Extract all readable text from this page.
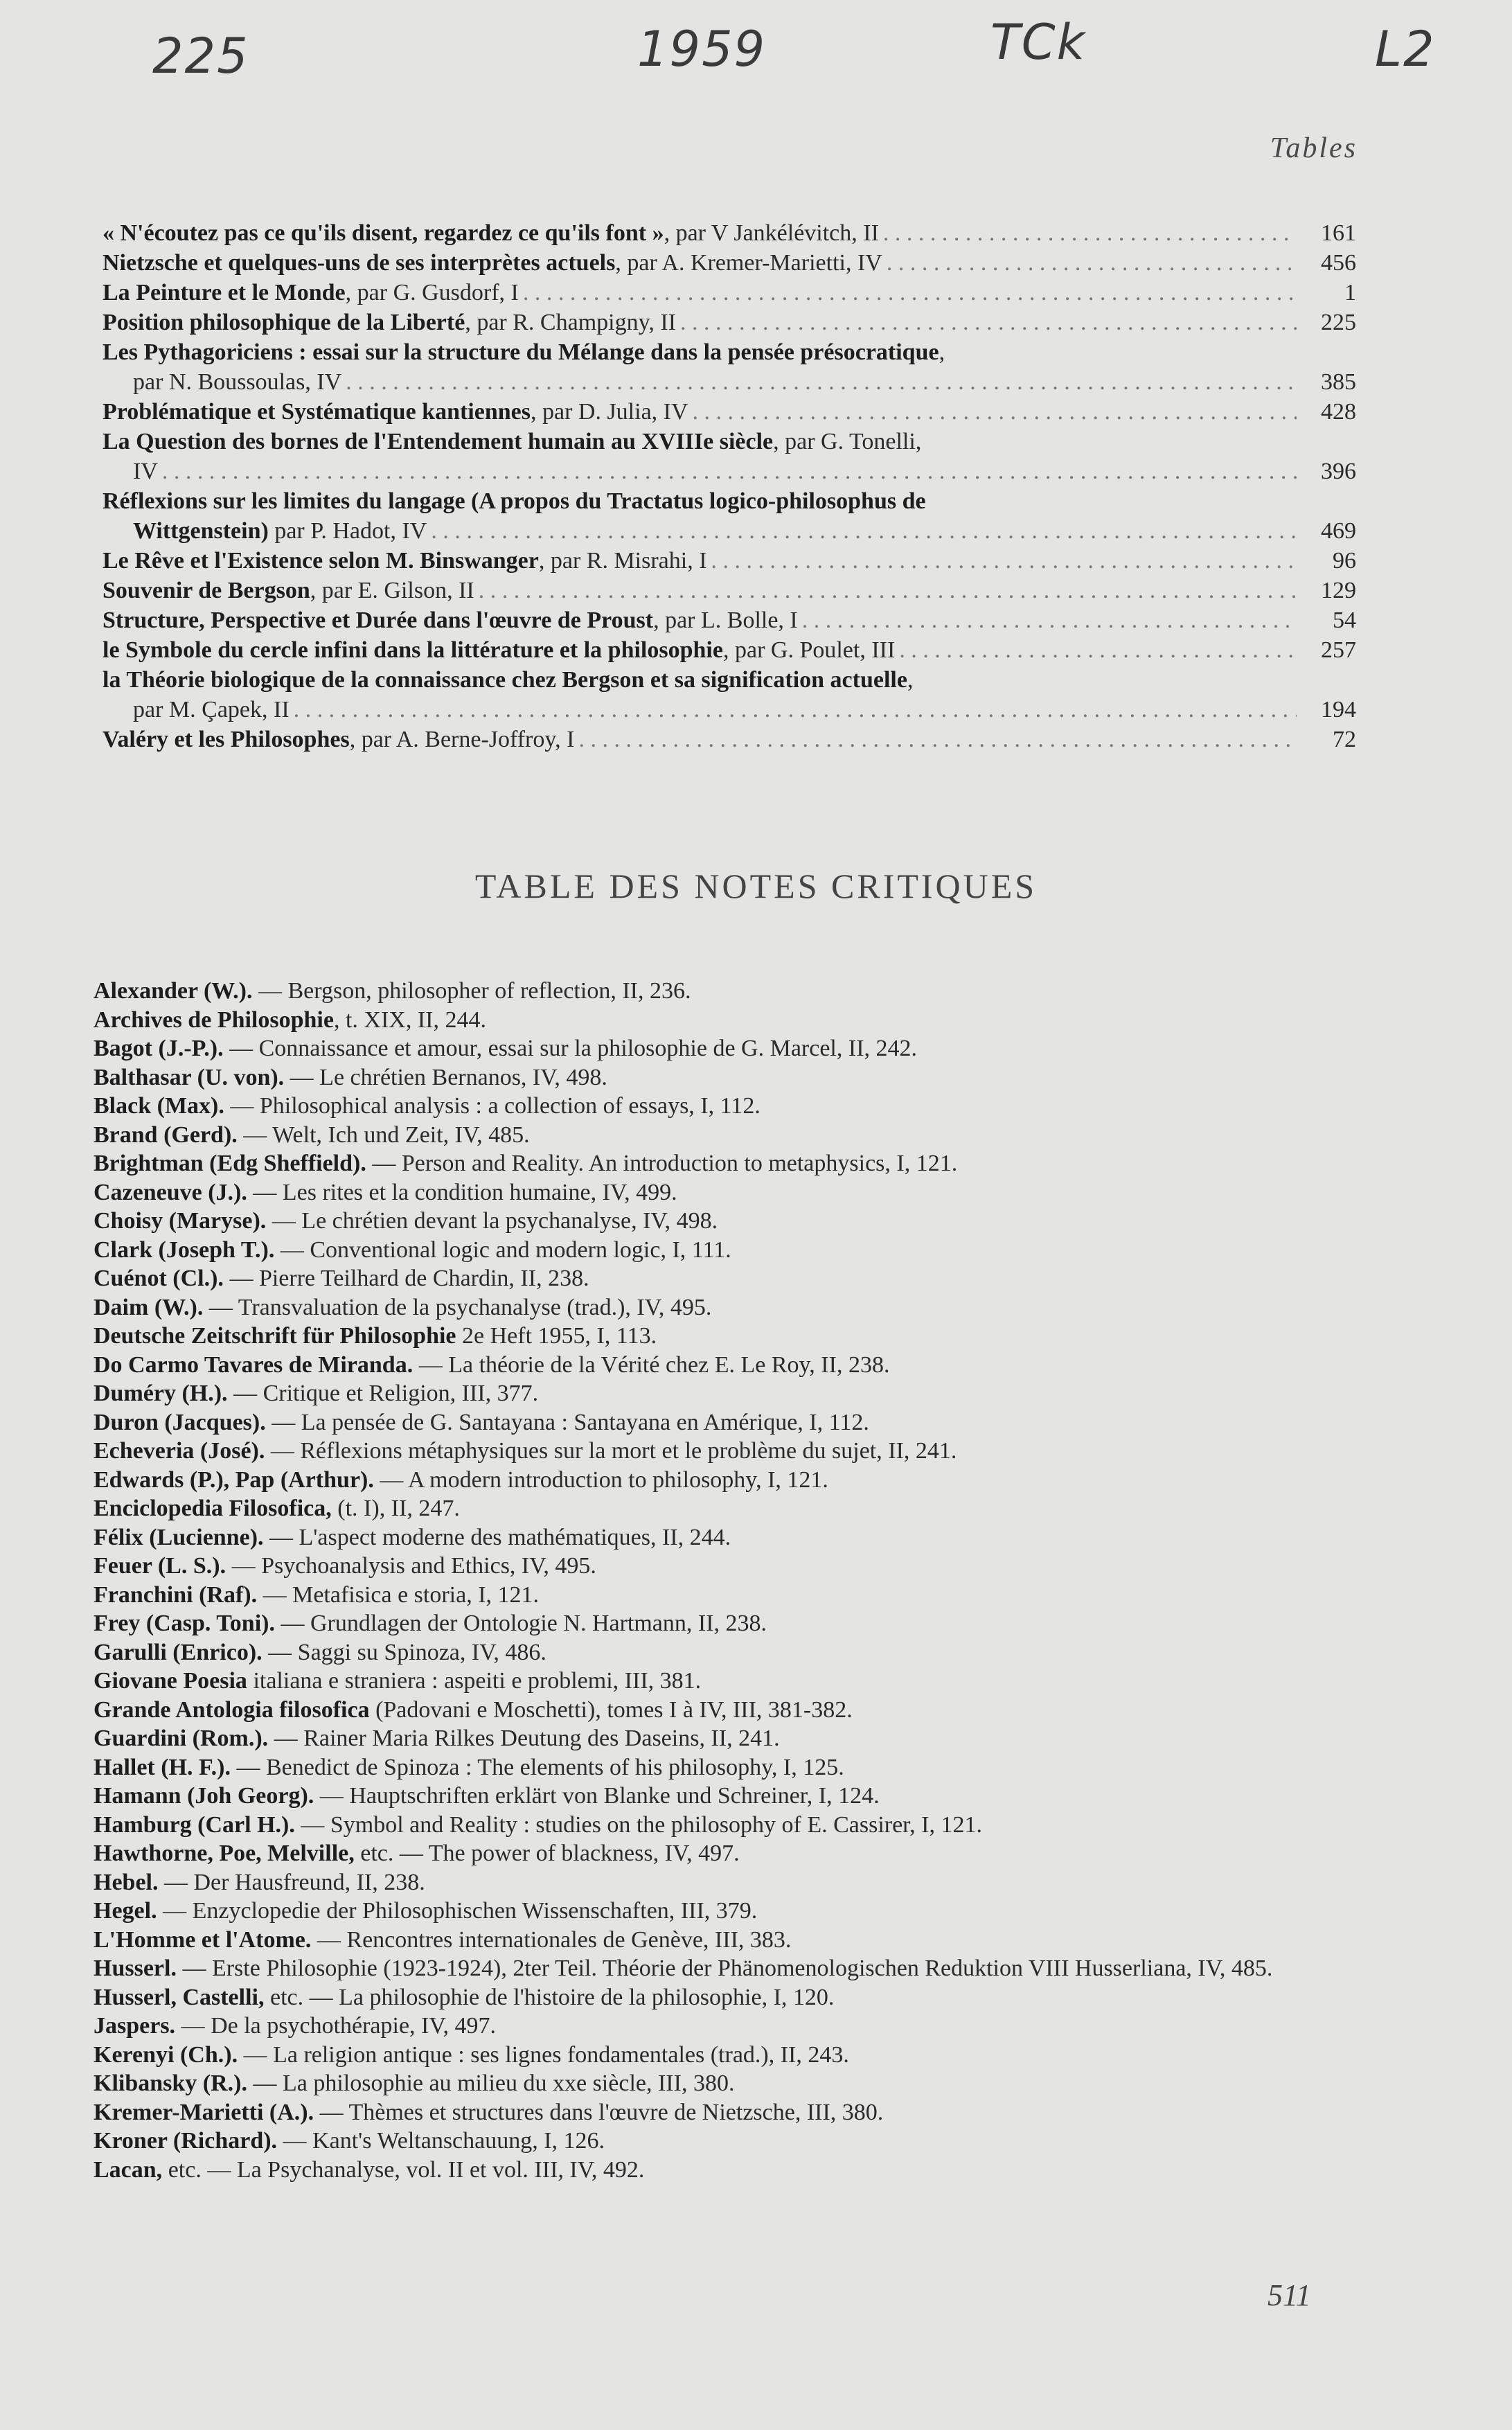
225	1959	TCk	L2
Tables
« N'écoutez pas ce qu'ils disent, regardez ce qu'ils font », par V Jankélévitch, II . . .	161
Nietzsche et quelques-uns de ses interprètes actuels, par A. Kremer-Marietti, IV . . .	456
La Peinture et le Monde, par G. Gusdorf, I . . .	1
Position philosophique de la Liberté, par R. Champigny, II . . .	225
Les Pythagoriciens : essai sur la structure du Mélange dans la pensée présocratique,
par N. Boussoulas, IV . . .	385
Problématique et Systématique kantiennes, par D. Julia, IV . . .	428
La Question des bornes de l'Entendement humain au XVIIIe siècle, par G. Tonelli,
IV . . .	396
Réflexions sur les limites du langage (A propos du Tractatus logico-philosophus de
Wittgenstein) par P. Hadot, IV . . .	469
Le Rêve et l'Existence selon M. Binswanger, par R. Misrahi, I . . .	96
Souvenir de Bergson, par E. Gilson, II . . .	129
Structure, Perspective et Durée dans l'œuvre de Proust, par L. Bolle, I . . .	54
le Symbole du cercle infini dans la littérature et la philosophie, par G. Poulet, III . . .	257
la Théorie biologique de la connaissance chez Bergson et sa signification actuelle,
par M. Çapek, II . . .	194
Valéry et les Philosophes, par A. Berne-Joffroy, I . . .	72
TABLE DES NOTES CRITIQUES
Alexander (W.). — Bergson, philosopher of reflection, II, 236.
Archives de Philosophie, t. XIX, II, 244.
Bagot (J.-P.). — Connaissance et amour, essai sur la philosophie de G. Marcel, II, 242.
Balthasar (U. von). — Le chrétien Bernanos, IV, 498.
Black (Max). — Philosophical analysis : a collection of essays, I, 112.
Brand (Gerd). — Welt, Ich und Zeit, IV, 485.
Brightman (Edg Sheffield). — Person and Reality. An introduction to metaphysics, I, 121.
Cazeneuve (J.). — Les rites et la condition humaine, IV, 499.
Choisy (Maryse). — Le chrétien devant la psychanalyse, IV, 498.
Clark (Joseph T.). — Conventional logic and modern logic, I, 111.
Cuénot (Cl.). — Pierre Teilhard de Chardin, II, 238.
Daim (W.). — Transvaluation de la psychanalyse (trad.), IV, 495.
Deutsche Zeitschrift für Philosophie 2e Heft 1955, I, 113.
Do Carmo Tavares de Miranda. — La théorie de la Vérité chez E. Le Roy, II, 238.
Duméry (H.). — Critique et Religion, III, 377.
Duron (Jacques). — La pensée de G. Santayana : Santayana en Amérique, I, 112.
Echeveria (José). — Réflexions métaphysiques sur la mort et le problème du sujet, II, 241.
Edwards (P.), Pap (Arthur). — A modern introduction to philosophy, I, 121.
Enciclopedia Filosofica, (t. I), II, 247.
Félix (Lucienne). — L'aspect moderne des mathématiques, II, 244.
Feuer (L. S.). — Psychoanalysis and Ethics, IV, 495.
Franchini (Raf). — Metafisica e storia, I, 121.
Frey (Casp. Toni). — Grundlagen der Ontologie N. Hartmann, II, 238.
Garulli (Enrico). — Saggi su Spinoza, IV, 486.
Giovane Poesia italiana e straniera : aspeiti e problemi, III, 381.
Grande Antologia filosofica (Padovani e Moschetti), tomes I à IV, III, 381-382.
Guardini (Rom.). — Rainer Maria Rilkes Deutung des Daseins, II, 241.
Hallet (H. F.). — Benedict de Spinoza : The elements of his philosophy, I, 125.
Hamann (Joh Georg). — Hauptschriften erklärt von Blanke und Schreiner, I, 124.
Hamburg (Carl H.). — Symbol and Reality : studies on the philosophy of E. Cassirer, I, 121.
Hawthorne, Poe, Melville, etc. — The power of blackness, IV, 497.
Hebel. — Der Hausfreund, II, 238.
Hegel. — Enzyclopedie der Philosophischen Wissenschaften, III, 379.
L'Homme et l'Atome. — Rencontres internationales de Genève, III, 383.
Husserl. — Erste Philosophie (1923-1924), 2ter Teil. Théorie der Phänomenologischen Reduktion VIII Husserliana, IV, 485.
Husserl, Castelli, etc. — La philosophie de l'histoire de la philosophie, I, 120.
Jaspers. — De la psychothérapie, IV, 497.
Kerenyi (Ch.). — La religion antique : ses lignes fondamentales (trad.), II, 243.
Klibansky (R.). — La philosophie au milieu du xxe siècle, III, 380.
Kremer-Marietti (A.). — Thèmes et structures dans l'œuvre de Nietzsche, III, 380.
Kroner (Richard). — Kant's Weltanschauung, I, 126.
Lacan, etc. — La Psychanalyse, vol. II et vol. III, IV, 492.
511
